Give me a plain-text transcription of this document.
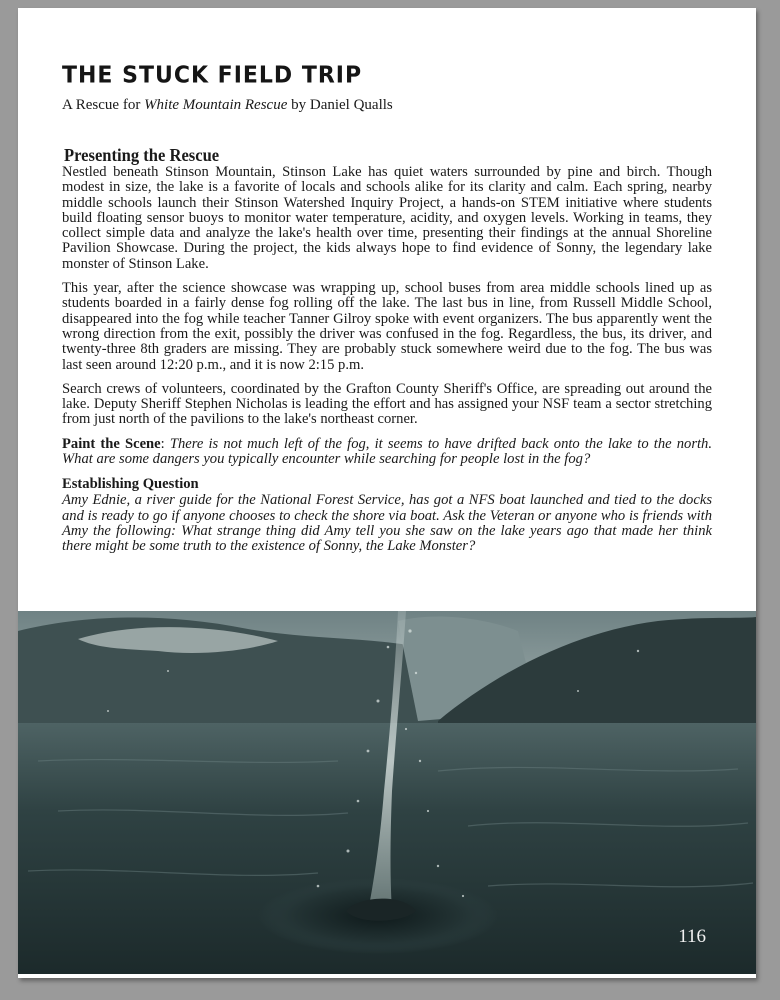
THE STUCK FIELD TRIP

A Rescue for White Mountain Rescue by Daniel Qualls

Presenting the Rescue

Nestled beneath Stinson Mountain, Stinson Lake has quiet waters surrounded by pine and birch. Though modest in size, the lake is a favorite of locals and schools alike for its clarity and calm. Each spring, nearby middle schools launch their Stinson Watershed Inquiry Project, a hands-on STEM initiative where students build floating sensor buoys to monitor water temperature, acidity, and oxygen levels. Working in teams, they collect simple data and analyze the lake's health over time, presenting their findings at the annual Shoreline Pavilion Showcase. During the project, the kids always hope to find evidence of Sonny, the legendary lake monster of Stinson Lake.

This year, after the science showcase was wrapping up, school buses from area middle schools lined up as students boarded in a fairly dense fog rolling off the lake. The last bus in line, from Russell Middle School, disappeared into the fog while teacher Tanner Gilroy spoke with event organizers. The bus apparently went the wrong direction from the exit, possibly the driver was confused in the fog. Regardless, the bus, its driver, and twenty-three 8th graders are missing. They are probably stuck somewhere weird due to the fog. The bus was last seen around 12:20 p.m., and it is now 2:15 p.m.

Search crews of volunteers, coordinated by the Grafton County Sheriff's Office, are spreading out around the lake. Deputy Sheriff Stephen Nicholas is leading the effort and has assigned your NSF team a sector stretching from just north of the pavilions to the lake's northeast corner.

Paint the Scene: There is not much left of the fog, it seems to have drifted back onto the lake to the north. What are some dangers you typically encounter while searching for people lost in the fog?

Establishing Question

Amy Ednie, a river guide for the National Forest Service, has got a NFS boat launched and tied to the docks and is ready to go if anyone chooses to check the shore via boat. Ask the Veteran or anyone who is friends with Amy the following: What strange thing did Amy tell you she saw on the lake years ago that made her think there might be some truth to the existence of Sonny, the Lake Monster?

116
